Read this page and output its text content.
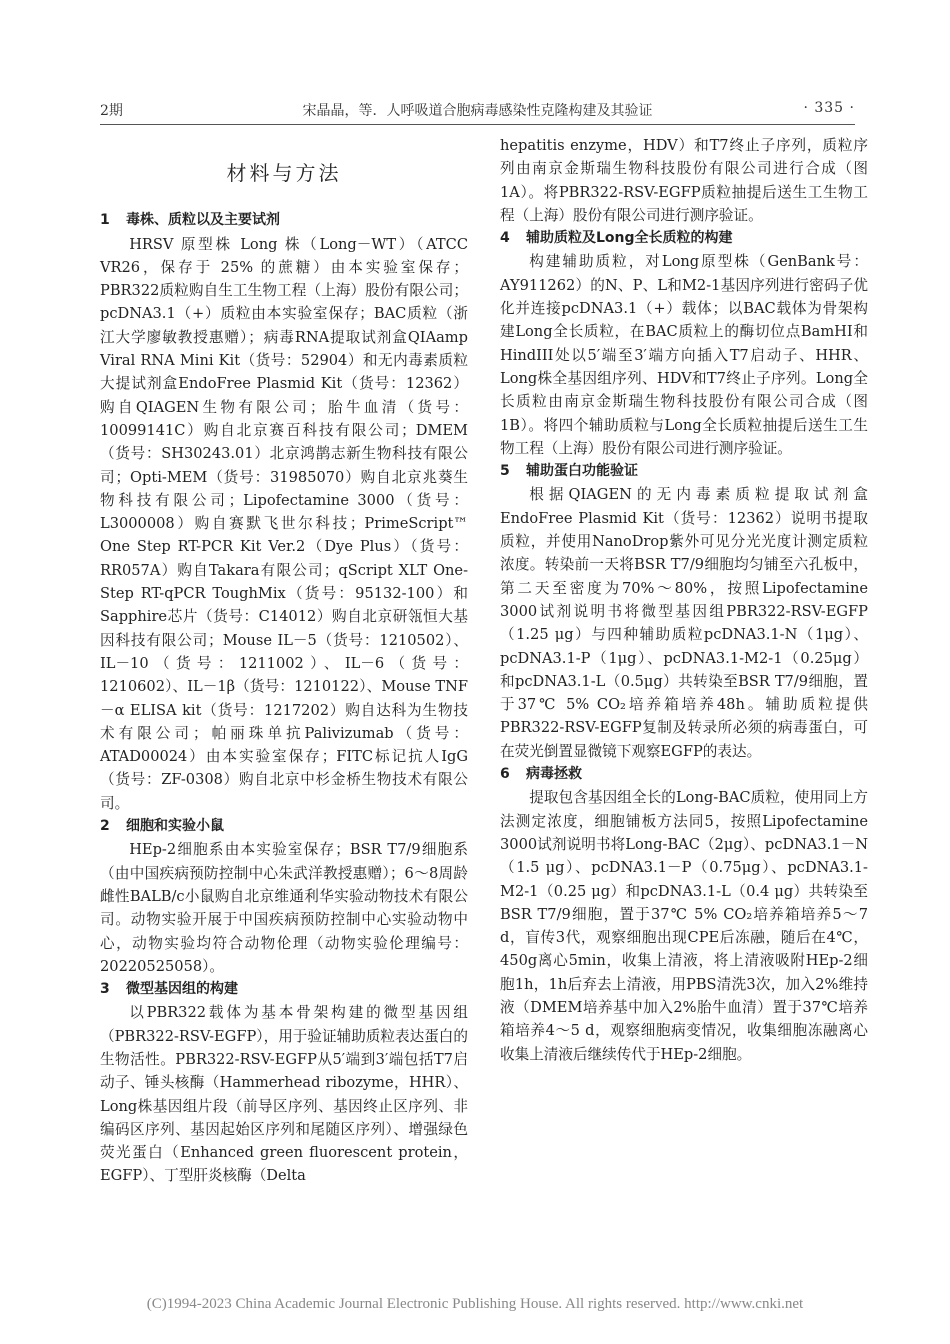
2期	宋晶晶，等．人呼吸道合胞病毒感染性克隆构建及其验证	· 335 ·
材料与方法
1 毒株、质粒以及主要试剂

HRSV 原型株 Long 株（Long－WT）（ATCC VR26，保存于 25% 的蔗糖）由本实验室保存；PBR322质粒购自生工生物工程（上海）股份有限公司；pcDNA3.1（+）质粒由本实验室保存；BAC质粒（浙江大学廖敏教授惠赠）；病毒RNA提取试剂盒QIAamp Viral RNA Mini Kit（货号：52904）和无内毒素质粒大提试剂盒EndoFree Plasmid Kit（货号：12362）购自QIAGEN生物有限公司；胎牛血清（货号：10099141C）购自北京赛百科技有限公司；DMEM（货号：SH30243.01）北京鸿鹊志新生物科技有限公司；Opti-MEM（货号：31985070）购自北京兆葵生物科技有限公司；Lipofectamine 3000（货号：L3000008）购自赛默飞世尔科技；PrimeScript™ One Step RT-PCR Kit Ver.2（Dye Plus）（货号：RR057A）购自Takara有限公司；qScript XLT One-Step RT-qPCR ToughMix（货号：95132-100）和Sapphire芯片（货号：C14012）购自北京研瓴恒大基因科技有限公司；Mouse IL－5（货号：1210502）、IL－10（货号：1211002）、IL－6（货号：1210602）、IL－1β（货号：1210122）、Mouse TNF－α ELISA kit（货号：1217202）购自达科为生物技术有限公司；帕丽珠单抗Palivizumab（货号：ATAD00024）由本实验室保存；FITC标记抗人IgG（货号：ZF-0308）购自北京中杉金桥生物技术有限公司。

2 细胞和实验小鼠

HEp-2细胞系由本实验室保存；BSR T7/9细胞系（由中国疾病预防控制中心朱武洋教授惠赠）；6～8周龄雌性BALB/c小鼠购自北京维通利华实验动物技术有限公司。动物实验开展于中国疾病预防控制中心实验动物中心，动物实验均符合动物伦理（动物实验伦理编号：20220525058）。

3 微型基因组的构建

以PBR322载体为基本骨架构建的微型基因组（PBR322-RSV-EGFP），用于验证辅助质粒表达蛋白的生物活性。PBR322-RSV-EGFP从5′端到3′端包括T7启动子、锤头核酶（Hammerhead ribozyme，HHR）、Long株基因组片段（前导区序列、基因终止区序列、非编码区序列、基因起始区序列和尾随区序列）、增强绿色荧光蛋白（Enhanced green fluorescent protein，EGFP）、丁型肝炎核酶（Delta

hepatitis enzyme，HDV）和T7终止子序列，质粒序列由南京金斯瑞生物科技股份有限公司进行合成（图1A）。将PBR322-RSV-EGFP质粒抽提后送生工生物工程（上海）股份有限公司进行测序验证。

4 辅助质粒及Long全长质粒的构建

构建辅助质粒，对Long原型株（GenBank号：AY911262）的N、P、L和M2-1基因序列进行密码子优化并连接pcDNA3.1（+）载体；以BAC载体为骨架构建Long全长质粒，在BAC质粒上的酶切位点BamHI和HindIII处以5′端至3′端方向插入T7启动子、HHR、Long株全基因组序列、HDV和T7终止子序列。Long全长质粒由南京金斯瑞生物科技股份有限公司合成（图1B）。将四个辅助质粒与Long全长质粒抽提后送生工生物工程（上海）股份有限公司进行测序验证。

5 辅助蛋白功能验证

根据QIAGEN的无内毒素质粒提取试剂盒EndoFree Plasmid Kit（货号：12362）说明书提取质粒，并使用NanoDrop紫外可见分光光度计测定质粒浓度。转染前一天将BSR T7/9细胞均匀铺至六孔板中，第二天至密度为70%～80%，按照Lipofectamine 3000试剂说明书将微型基因组PBR322-RSV-EGFP（1.25 μg）与四种辅助质粒pcDNA3.1-N（1μg）、pcDNA3.1-P（1μg）、pcDNA3.1-M2-1（0.25μg）和pcDNA3.1-L（0.5μg）共转染至BSR T7/9细胞，置于37℃ 5% CO₂培养箱培养48h。辅助质粒提供PBR322-RSV-EGFP复制及转录所必须的病毒蛋白，可在荧光倒置显微镜下观察EGFP的表达。

6 病毒拯救

提取包含基因组全长的Long-BAC质粒，使用同上方法测定浓度，细胞铺板方法同5，按照Lipofectamine 3000试剂说明书将Long-BAC（2μg）、pcDNA3.1－N（1.5 μg）、pcDNA3.1－P（0.75μg）、pcDNA3.1-M2-1（0.25 μg）和pcDNA3.1-L（0.4 μg）共转染至BSR T7/9细胞，置于37℃ 5% CO₂培养箱培养5～7 d，盲传3代，观察细胞出现CPE后冻融，随后在4℃，450g离心5min，收集上清液，将上清液吸附HEp-2细胞1h，1h后弃去上清液，用PBS清洗3次，加入2%维持液（DMEM培养基中加入2%胎牛血清）置于37℃培养箱培养4～5 d，观察细胞病变情况，收集细胞冻融离心收集上清液后继续传代于HEp-2细胞。

(C)1994-2023 China Academic Journal Electronic Publishing House. All rights reserved. http://www.cnki.net
